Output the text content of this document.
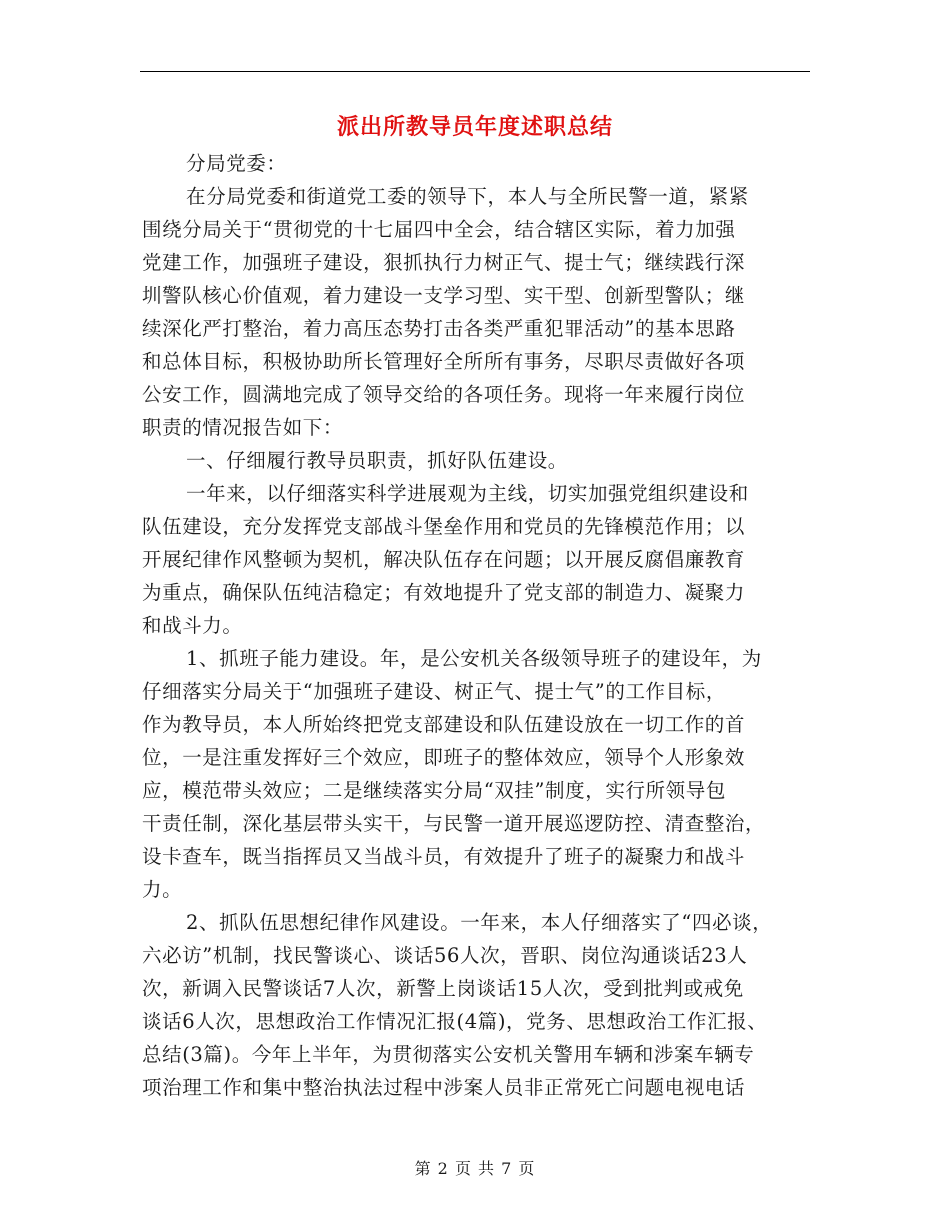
派出所教导员年度述职总结
分局党委：
在分局党委和街道党工委的领导下，本人与全所民警一道，紧紧
围绕分局关于“贯彻党的十七届四中全会，结合辖区实际，着力加强
党建工作，加强班子建设，狠抓执行力树正气、提士气；继续践行深
圳警队核心价值观，着力建设一支学习型、实干型、创新型警队；继
续深化严打整治，着力高压态势打击各类严重犯罪活动”的基本思路
和总体目标，积极协助所长管理好全所所有事务，尽职尽责做好各项
公安工作，圆满地完成了领导交给的各项任务。现将一年来履行岗位
职责的情况报告如下：
一、仔细履行教导员职责，抓好队伍建设。
一年来，以仔细落实科学进展观为主线，切实加强党组织建设和
队伍建设，充分发挥党支部战斗堡垒作用和党员的先锋模范作用；以
开展纪律作风整顿为契机，解决队伍存在问题；以开展反腐倡廉教育
为重点，确保队伍纯洁稳定；有效地提升了党支部的制造力、凝聚力
和战斗力。
1、抓班子能力建设。年，是公安机关各级领导班子的建设年，为
仔细落实分局关于“加强班子建设、树正气、提士气”的工作目标，
作为教导员，本人所始终把党支部建设和队伍建设放在一切工作的首
位，一是注重发挥好三个效应，即班子的整体效应，领导个人形象效
应，模范带头效应；二是继续落实分局“双挂”制度，实行所领导包
干责任制，深化基层带头实干，与民警一道开展巡逻防控、清查整治，
设卡查车，既当指挥员又当战斗员，有效提升了班子的凝聚力和战斗
力。
2、抓队伍思想纪律作风建设。一年来，本人仔细落实了“四必谈，
六必访”机制，找民警谈心、谈话56人次，晋职、岗位沟通谈话23人
次，新调入民警谈话7人次，新警上岗谈话15人次，受到批判或戒免
谈话6人次，思想政治工作情况汇报(4篇)，党务、思想政治工作汇报、
总结(3篇)。今年上半年，为贯彻落实公安机关警用车辆和涉案车辆专
项治理工作和集中整治执法过程中涉案人员非正常死亡问题电视电话
第 2 页 共 7 页
